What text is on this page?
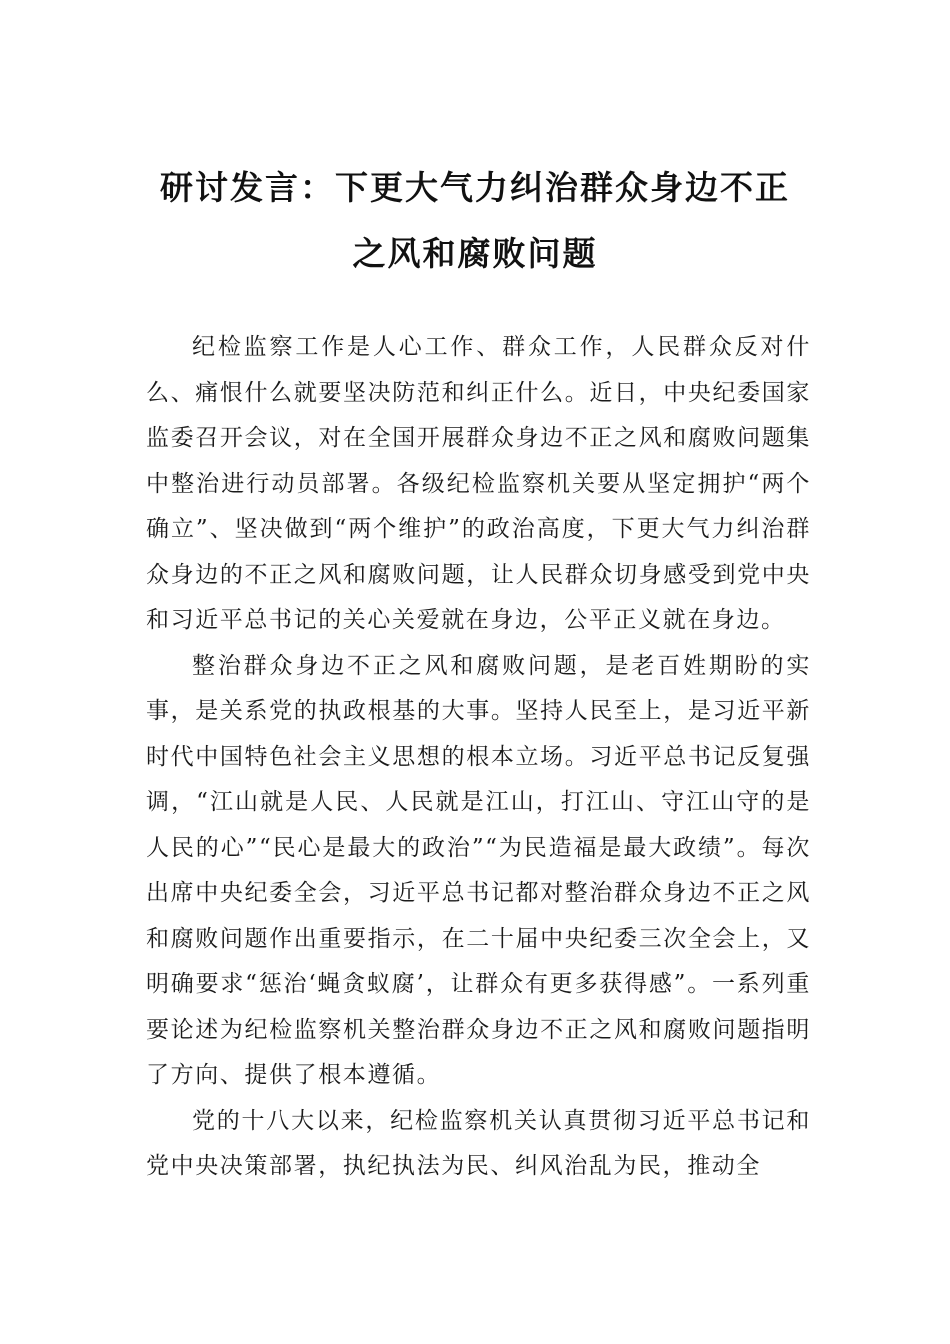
研讨发言：下更大气力纠治群众身边不正
之风和腐败问题

纪检监察工作是人心工作、群众工作，人民群众反对什么、痛恨什么就要坚决防范和纠正什么。近日，中央纪委国家监委召开会议，对在全国开展群众身边不正之风和腐败问题集中整治进行动员部署。各级纪检监察机关要从坚定拥护“两个确立”、坚决做到“两个维护”的政治高度，下更大气力纠治群众身边的不正之风和腐败问题，让人民群众切身感受到党中央和习近平总书记的关心关爱就在身边，公平正义就在身边。

整治群众身边不正之风和腐败问题，是老百姓期盼的实事，是关系党的执政根基的大事。坚持人民至上，是习近平新时代中国特色社会主义思想的根本立场。习近平总书记反复强调，“江山就是人民、人民就是江山，打江山、守江山守的是人民的心”“民心是最大的政治”“为民造福是最大政绩”。每次出席中央纪委全会，习近平总书记都对整治群众身边不正之风和腐败问题作出重要指示，在二十届中央纪委三次全会上，又明确要求“惩治‘蝇贪蚁腐’，让群众有更多获得感”。一系列重要论述为纪检监察机关整治群众身边不正之风和腐败问题指明了方向、提供了根本遵循。

党的十八大以来，纪检监察机关认真贯彻习近平总书记和党中央决策部署，执纪执法为民、纠风治乱为民，推动全
